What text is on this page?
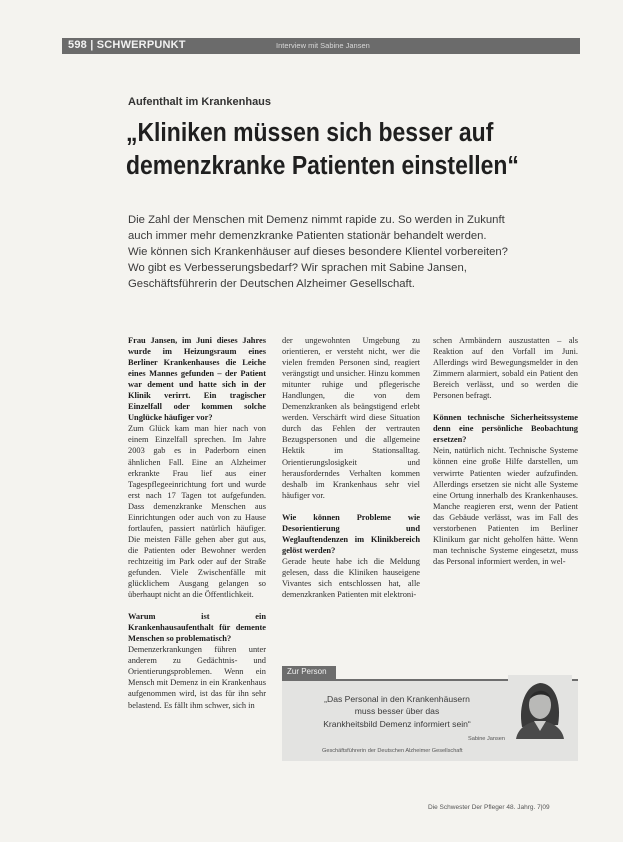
598 | SCHWERPUNKT	Interview mit Sabine Jansen
Aufenthalt im Krankenhaus
„Kliniken müssen sich besser auf
demenzkranke Patienten einstellen“
Die Zahl der Menschen mit Demenz nimmt rapide zu. So werden in Zukunft
auch immer mehr demenzkranke Patienten stationär behandelt werden.
Wie können sich Krankenhäuser auf dieses besondere Klientel vorbereiten?
Wo gibt es Verbesserungsbedarf? Wir sprachen mit Sabine Jansen,
Geschäftsführerin der Deutschen Alzheimer Gesellschaft.

Frau Jansen, im Juni dieses Jahres wurde im Heizungsraum eines Berliner Krankenhauses die Leiche eines Mannes gefunden – der Patient war dement und hatte sich in der Klinik verirrt. Ein tragischer Einzelfall oder kommen solche Unglücke häufiger vor?

Zum Glück kam man hier nach von einem Einzelfall sprechen. Im Jahre 2003 gab es in Paderborn einen ähnlichen Fall. Eine an Alzheimer erkrankte Frau lief aus einer Tagespflegeeinrichtung fort und wurde erst nach 17 Tagen tot aufgefunden. Dass demenzkranke Menschen aus Einrichtungen oder auch von zu Hause fortlaufen, passiert natürlich häufiger. Die meisten Fälle gehen aber gut aus, die Patienten oder Bewohner werden rechtzeitig im Park oder auf der Straße gefunden. Viele Zwischenfälle mit glücklichem Ausgang gelangen so überhaupt nicht an die Öffentlichkeit.

Warum ist ein Krankenhausaufenthalt für demente Menschen so problematisch?

Demenzerkrankungen führen unter anderem zu Gedächtnis- und Orientierungsproblemen. Wenn ein Mensch mit Demenz in ein Krankenhaus aufgenommen wird, ist das für ihn sehr belastend. Es fällt ihm schwer, sich in

der ungewohnten Umgebung zu orientieren, er versteht nicht, wer die vielen fremden Personen sind, reagiert verängstigt und unsicher. Hinzu kommen mitunter ruhige und pflegerische Handlungen, die von dem Demenzkranken als beängstigend erlebt werden. Verschärft wird diese Situation durch das Fehlen der vertrauten Bezugspersonen und die allgemeine Hektik im Stationsalltag. Orientierungslosigkeit und herausforderndes Verhalten kommen deshalb im Krankenhaus sehr viel häufiger vor.

Wie können Probleme wie Desorientierung und Weglauftendenzen im Klinikbereich gelöst werden?

Gerade heute habe ich die Meldung gelesen, dass die Kliniken hauseigene Vivantes sich entschlossen hat, alle demenzkranken Patienten mit elektroni-

schen Armbändern auszustatten – als Reaktion auf den Vorfall im Juni. Allerdings wird Bewegungsmelder in den Zimmern alarmiert, sobald ein Patient den Bereich verlässt, und so werden die Personen befragt.

Können technische Sicherheitssysteme denn eine persönliche Beobachtung ersetzen?

Nein, natürlich nicht. Technische Systeme können eine große Hilfe darstellen, um verwirrte Patienten wieder aufzufinden. Allerdings ersetzen sie nicht alle Systeme eine Ortung innerhalb des Krankenhauses. Manche reagieren erst, wenn der Patient das Gebäude verlässt, was im Fall des verstorbenen Patienten im Berliner Klinikum gar nicht geholfen hätte. Wenn man technische Systeme eingesetzt, muss das Personal informiert werden, in wel-

Zur Person
„Das Personal in den Krankenhäusern
muss besser über das
Krankheitsbild Demenz informiert sein“
Sabine Jansen
Geschäftsführerin der Deutschen Alzheimer Gesellschaft
Die Schwester Der Pfleger 48. Jahrg. 7|09
